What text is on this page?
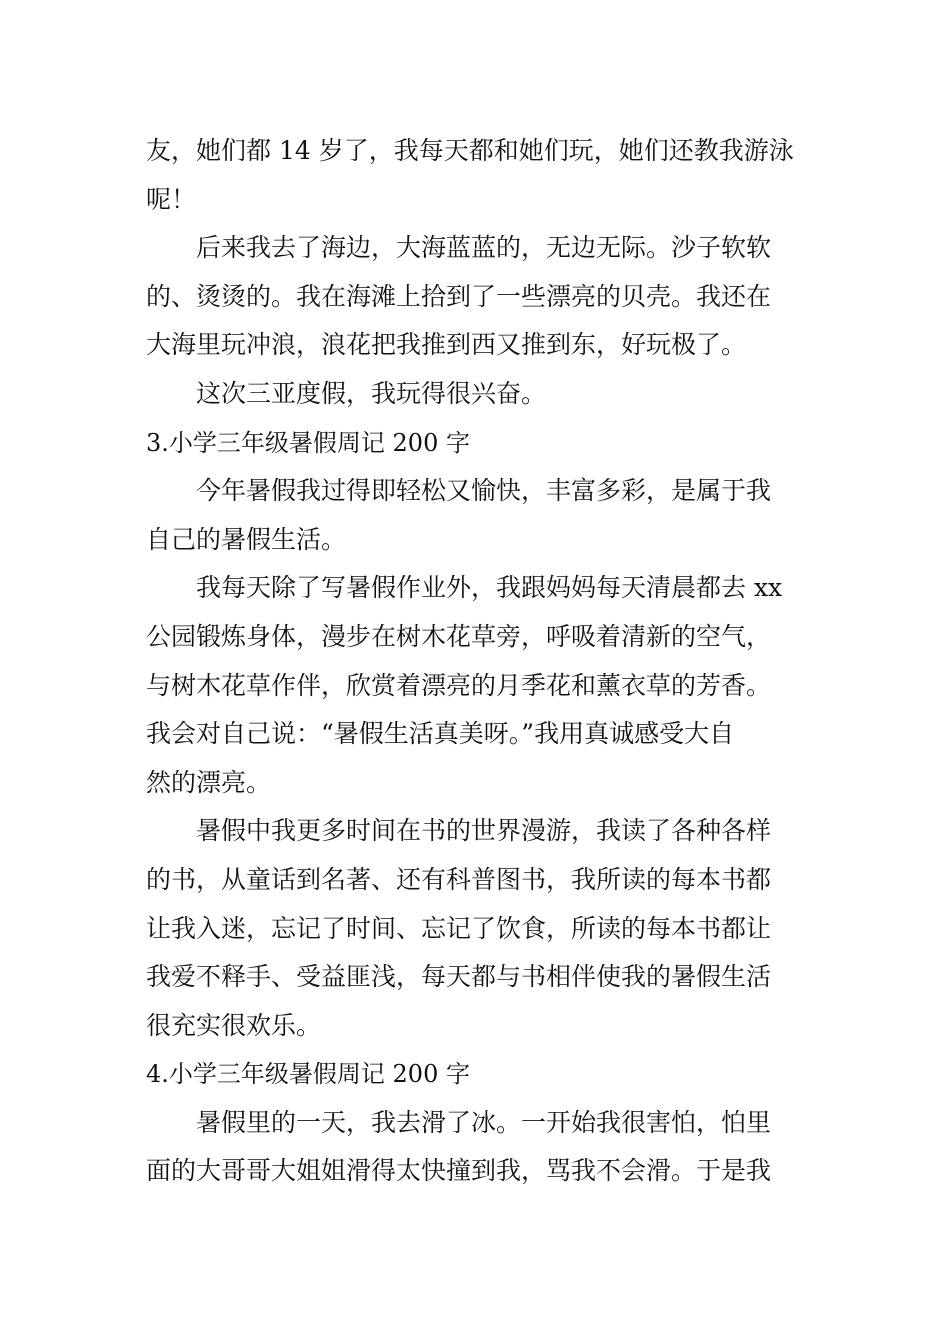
友，她们都 14 岁了，我每天都和她们玩，她们还教我游泳
呢！
后来我去了海边，大海蓝蓝的，无边无际。沙子软软
的、烫烫的。我在海滩上拾到了一些漂亮的贝壳。我还在
大海里玩冲浪，浪花把我推到西又推到东，好玩极了。
这次三亚度假，我玩得很兴奋。
3.小学三年级暑假周记 200 字
今年暑假我过得即轻松又愉快，丰富多彩，是属于我
自己的暑假生活。
我每天除了写暑假作业外，我跟妈妈每天清晨都去 xx
公园锻炼身体，漫步在树木花草旁，呼吸着清新的空气，
与树木花草作伴，欣赏着漂亮的月季花和薰衣草的芳香。
我会对自己说：“暑假生活真美呀。”我用真诚感受大自
然的漂亮。
暑假中我更多时间在书的世界漫游，我读了各种各样
的书，从童话到名著、还有科普图书，我所读的每本书都
让我入迷，忘记了时间、忘记了饮食，所读的每本书都让
我爱不释手、受益匪浅，每天都与书相伴使我的暑假生活
很充实很欢乐。
4.小学三年级暑假周记 200 字
暑假里的一天，我去滑了冰。一开始我很害怕，怕里
面的大哥哥大姐姐滑得太快撞到我，骂我不会滑。于是我
